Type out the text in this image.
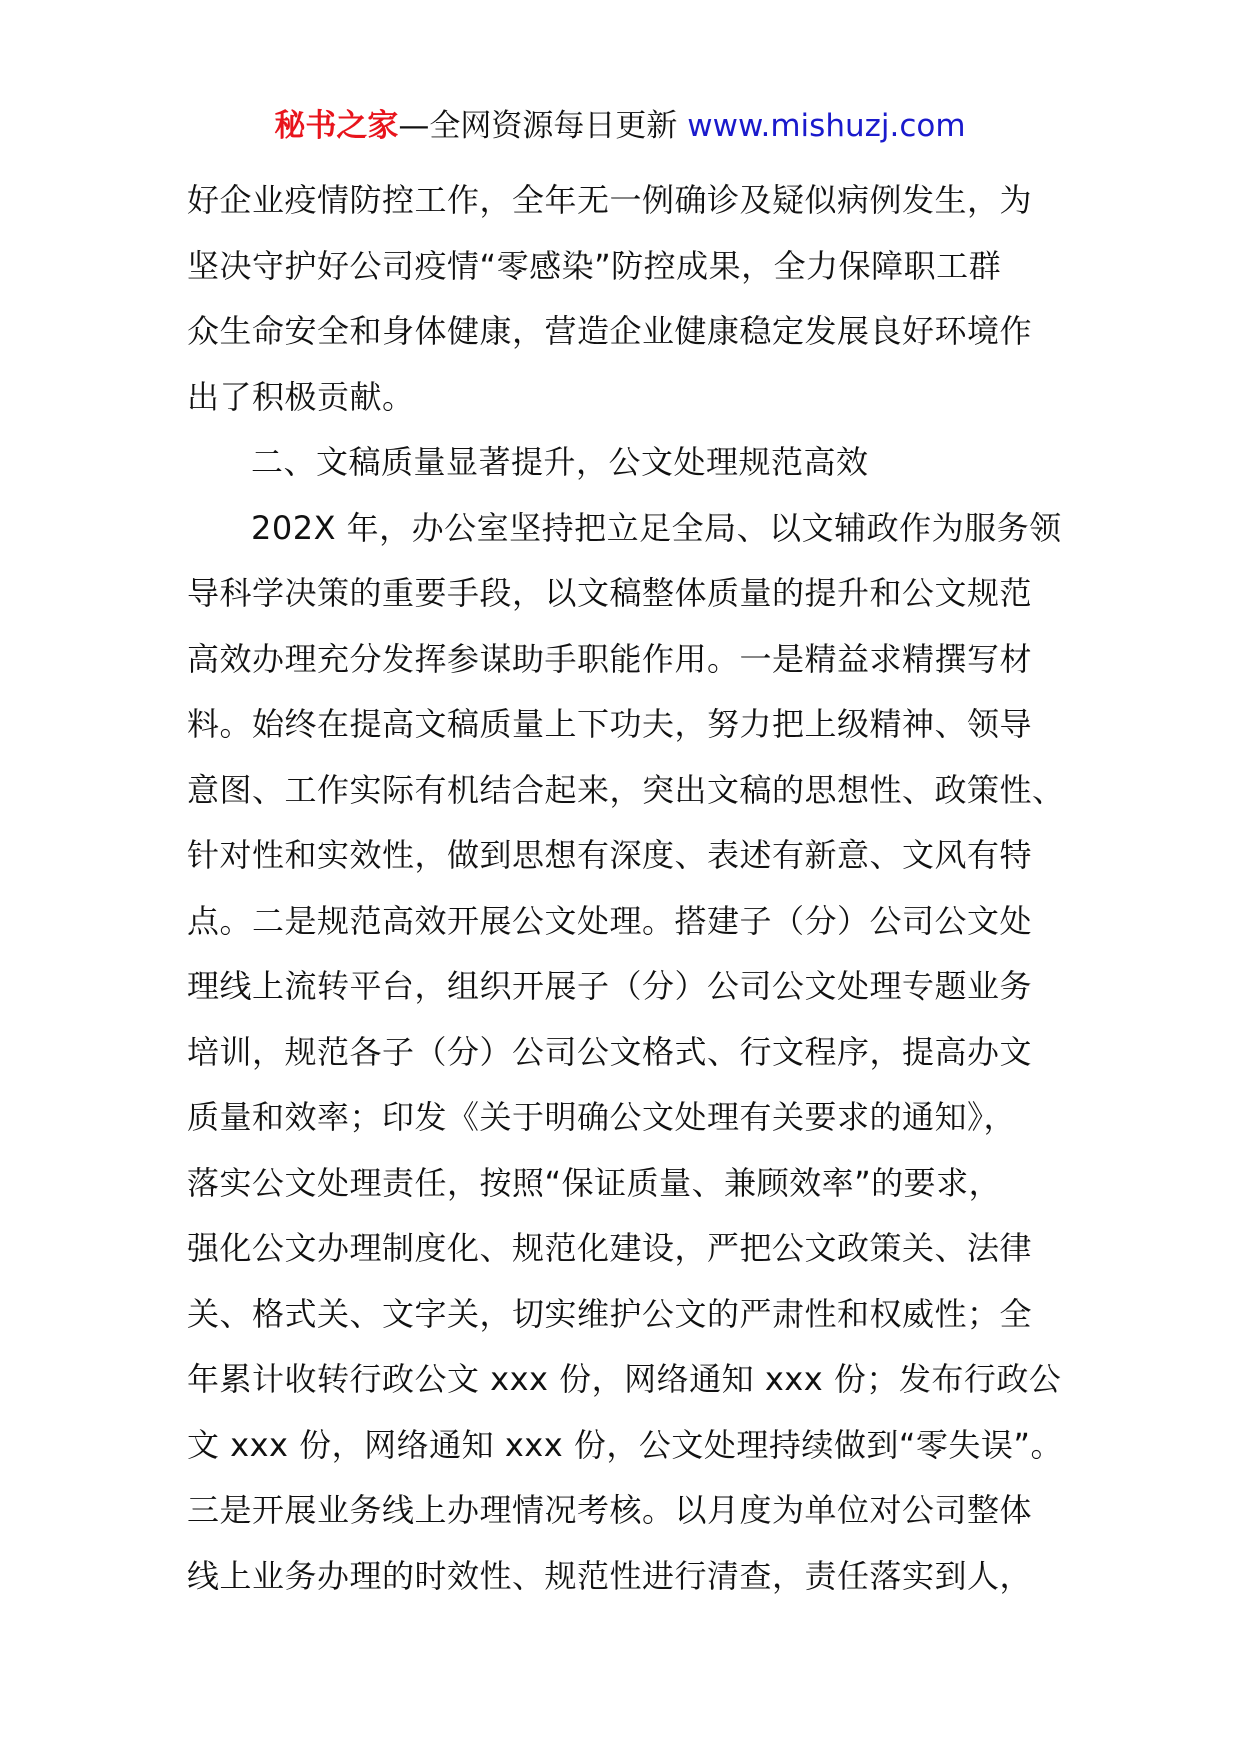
秘书之家—全网资源每日更新 www.mishuzj.com
好企业疫情防控工作，全年无一例确诊及疑似病例发生，为
坚决守护好公司疫情“零感染”防控成果，全力保障职工群
众生命安全和身体健康，营造企业健康稳定发展良好环境作
出了积极贡献。
二、文稿质量显著提升，公文处理规范高效
202X 年，办公室坚持把立足全局、以文辅政作为服务领
导科学决策的重要手段，以文稿整体质量的提升和公文规范
高效办理充分发挥参谋助手职能作用。一是精益求精撰写材
料。始终在提高文稿质量上下功夫，努力把上级精神、领导
意图、工作实际有机结合起来，突出文稿的思想性、政策性、
针对性和实效性，做到思想有深度、表述有新意、文风有特
点。二是规范高效开展公文处理。搭建子（分）公司公文处
理线上流转平台，组织开展子（分）公司公文处理专题业务
培训，规范各子（分）公司公文格式、行文程序，提高办文
质量和效率；印发《关于明确公文处理有关要求的通知》，
落实公文处理责任，按照“保证质量、兼顾效率”的要求，
强化公文办理制度化、规范化建设，严把公文政策关、法律
关、格式关、文字关，切实维护公文的严肃性和权威性；全
年累计收转行政公文 xxx 份，网络通知 xxx 份；发布行政公
文 xxx 份，网络通知 xxx 份，公文处理持续做到“零失误”。
三是开展业务线上办理情况考核。以月度为单位对公司整体
线上业务办理的时效性、规范性进行清查，责任落实到人，
